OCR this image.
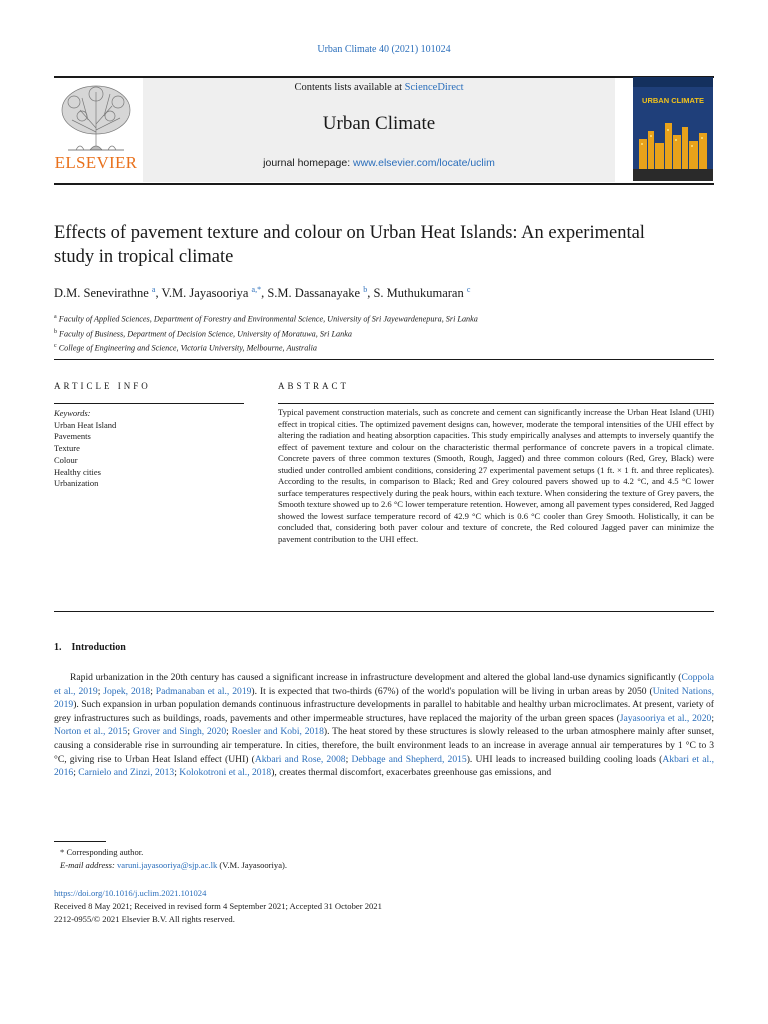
Urban Climate 40 (2021) 101024
ELSEVIER
Contents lists available at ScienceDirect
Urban Climate
journal homepage: www.elsevier.com/locate/uclim
URBAN CLIMATE
Effects of pavement texture and colour on Urban Heat Islands: An experimental study in tropical climate
D.M. Senevirathne $^a$, V.M. Jayasooriya $^{a,*}$, S.M. Dassanayake $^b$, S. Muthukumaran $^c$
$^a$ Faculty of Applied Sciences, Department of Forestry and Environmental Science, University of Sri Jayewardenepura, Sri Lanka
$^b$ Faculty of Business, Department of Decision Science, University of Moratuwa, Sri Lanka
$^c$ College of Engineering and Science, Victoria University, Melbourne, Australia
ARTICLE INFO	ABSTRACT
Keywords:
Urban Heat Island
Pavements
Texture
Colour
Healthy cities
Urbanization
Typical pavement construction materials, such as concrete and cement can significantly increase the Urban Heat Island (UHI) effect in tropical cities. The optimized pavement designs can, however, moderate the temporal intensities of the UHI effect by altering the radiation and heating absorption capacities. This study empirically analyses and attempts to inversely quantify the effect of pavement texture and colour on the characteristic thermal performance of concrete pavers in a tropical climate. Concrete pavers of three common textures (Smooth, Rough, Jagged) and three common colours (Red, Grey, Black) were studied under controlled ambient conditions, considering 27 experimental pavement setups (1 ft. × 1 ft. and three replicates). According to the results, in comparison to Black; Red and Grey coloured pavers showed up to 4.2 °C, and 4.5 °C lower surface temperatures respectively during the peak hours, within each texture. When considering the texture of Grey pavers, the Smooth texture showed up to 2.6 °C lower temperature retention. However, among all pavement types considered, Red Jagged showed the lowest surface temperature record of 42.9 °C which is 0.6 °C cooler than Grey Smooth. Holistically, it can be concluded that, considering both paver colour and texture of concrete, the Red coloured Jagged paver can minimize the pavement contribution to the UHI effect.
1. Introduction
Rapid urbanization in the 20th century has caused a significant increase in infrastructure development and altered the global land-use dynamics significantly (Coppola et al., 2019; Jopek, 2018; Padmanaban et al., 2019). It is expected that two-thirds (67%) of the world's population will be living in urban areas by 2050 (United Nations, 2019). Such expansion in urban population demands continuous infrastructure developments in parallel to habitable and healthy urban microclimates. At present, variety of grey infrastructures such as buildings, roads, pavements and other impermeable structures, have replaced the majority of the urban green spaces (Jayasooriya et al., 2020; Norton et al., 2015; Grover and Singh, 2020; Roesler and Kobi, 2018). The heat stored by these structures is slowly released to the urban atmosphere mainly after sunset, causing a considerable rise in surrounding air temperature. In cities, therefore, the built environment leads to an increase in average annual air temperatures by 1 °C to 3 °C, giving rise to Urban Heat Island effect (UHI) (Akbari and Rose, 2008; Debbage and Shepherd, 2015). UHI leads to increased building cooling loads (Akbari et al., 2016; Carnielo and Zinzi, 2013; Kolokotroni et al., 2018), creates thermal discomfort, exacerbates greenhouse gas emissions, and
* Corresponding author.
E-mail address: varuni.jayasooriya@sjp.ac.lk (V.M. Jayasooriya).
https://doi.org/10.1016/j.uclim.2021.101024
Received 8 May 2021; Received in revised form 4 September 2021; Accepted 31 October 2021
2212-0955/© 2021 Elsevier B.V. All rights reserved.
